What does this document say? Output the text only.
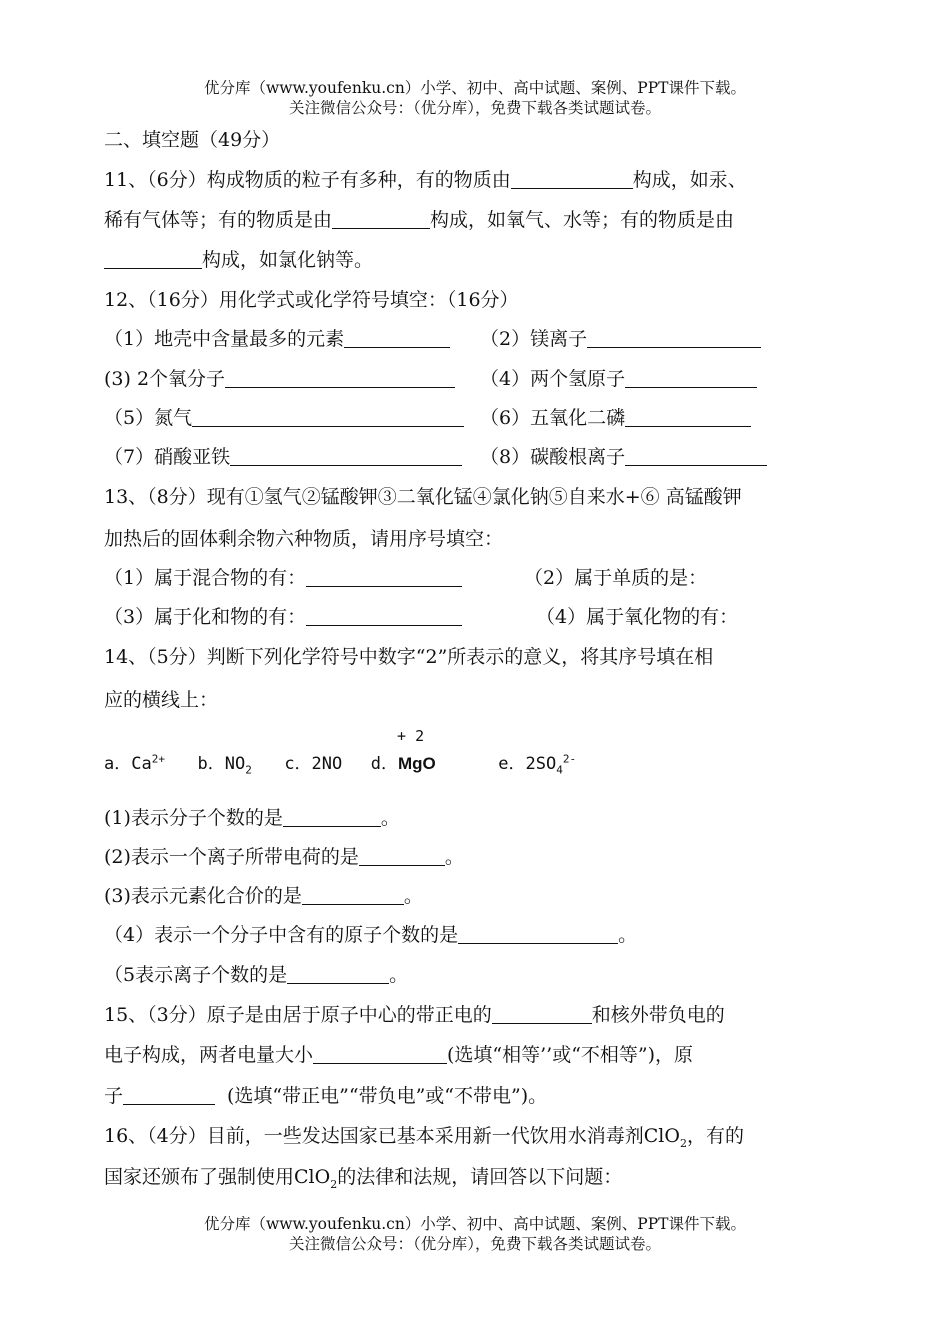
优分库（www.youfenku.cn）小学、初中、高中试题、案例、PPT课件下载。
关注微信公众号：（优分库），免费下载各类试题试卷。
二、填空题（49分）
11、（6分）构成物质的粒子有多种，有的物质由	构成，如汞、
稀有气体等；有的物质是由	构成，如氧气、水等；有的物质是由
构成，如氯化钠等。
12、（16分）用化学式或化学符号填空：（16分）
（1）地壳中含量最多的元素	（2）镁离子
(3) 2个氧分子	（4）两个氢原子
（5）氮气	（6）五氧化二磷
（7）硝酸亚铁	（8）碳酸根离子
13、（8分）现有①氢气②锰酸钾③二氧化锰④氯化钠⑤自来水+⑥ 高锰酸钾
加热后的固体剩余物六种物质，请用序号填空：
（1）属于混合物的有：	（2）属于单质的是：
（3）属于化和物的有：	（4）属于氧化物的有：
14、（5分）判断下列化学符号中数字“2”所表示的意义，将其序号填在相
应的横线上：
a．$Ca^{2+}$ b．$NO_2$ c．2NO d．
+ 2
MgO	e．$2SO_4^{2-}$
(1)表示分子个数的是	。
(2)表示一个离子所带电荷的是	。
(3)表示元素化合价的是	。
（4）表示一个分子中含有的原子个数的是	。
（5表示离子个数的是	。
15、（3分）原子是由居于原子中心的带正电的	和核外带负电的
电子构成，两者电量大小	(选填“相等’’或“不相等”)，原
子	(选填“带正电”“带负电”或“不带电”)。
16、（4分）目前，一些发达国家已基本采用新一代饮用水消毒剂ClO$_2$，有的
国家还颁布了强制使用ClO$_2$的法律和法规，请回答以下问题：
优分库（www.youfenku.cn）小学、初中、高中试题、案例、PPT课件下载。
关注微信公众号：（优分库），免费下载各类试题试卷。
